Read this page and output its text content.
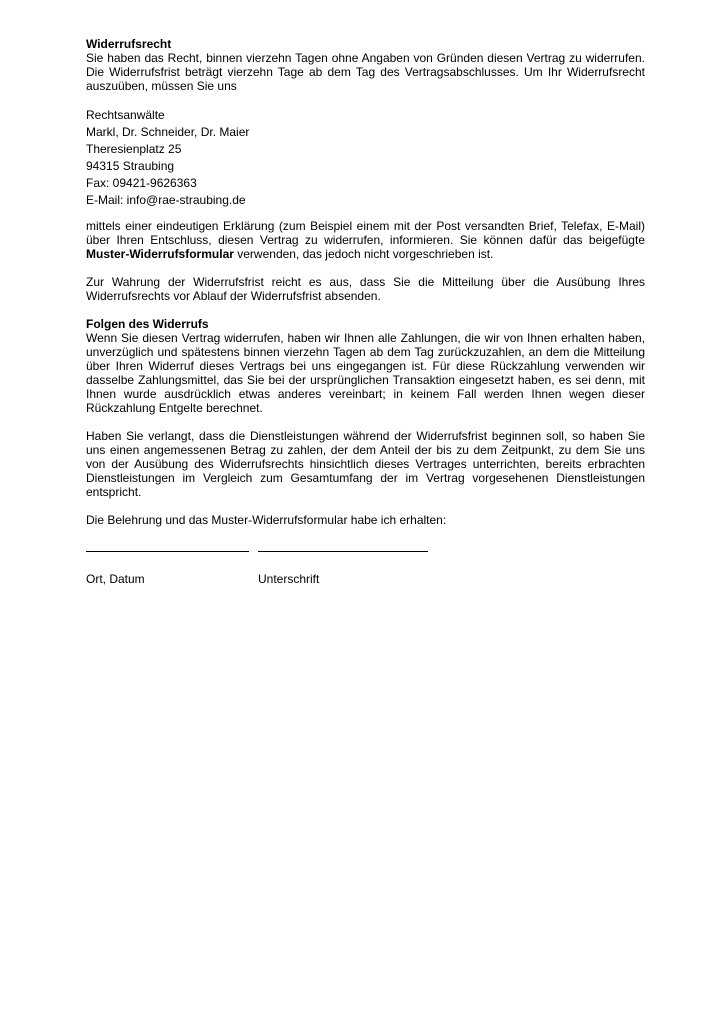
Widerrufsrecht

Sie haben das Recht, binnen vierzehn Tagen ohne Angaben von Gründen diesen Vertrag zu widerrufen. Die Widerrufsfrist beträgt vierzehn Tage ab dem Tag des Vertragsabschlusses. Um Ihr Widerrufsrecht auszuüben, müssen Sie uns

Rechtsanwälte
Markl, Dr. Schneider, Dr. Maier
Theresienplatz 25
94315 Straubing
Fax: 09421-9626363
E-Mail: info@rae-straubing.de

mittels einer eindeutigen Erklärung (zum Beispiel einem mit der Post versandten Brief, Telefax, E-Mail) über Ihren Entschluss, diesen Vertrag zu widerrufen, informieren. Sie können dafür das beigefügte Muster-Widerrufsformular verwenden, das jedoch nicht vorgeschrieben ist.

Zur Wahrung der Widerrufsfrist reicht es aus, dass Sie die Mitteilung über die Ausübung Ihres Widerrufsrechts vor Ablauf der Widerrufsfrist absenden.

Folgen des Widerrufs

Wenn Sie diesen Vertrag widerrufen, haben wir Ihnen alle Zahlungen, die wir von Ihnen erhalten haben, unverzüglich und spätestens binnen vierzehn Tagen ab dem Tag zurückzuzahlen, an dem die Mitteilung über Ihren Widerruf dieses Vertrags bei uns eingegangen ist. Für diese Rückzahlung verwenden wir dasselbe Zahlungsmittel, das Sie bei der ursprünglichen Transaktion eingesetzt haben, es sei denn, mit Ihnen wurde ausdrücklich etwas anderes vereinbart; in keinem Fall werden Ihnen wegen dieser Rückzahlung Entgelte berechnet.

Haben Sie verlangt, dass die Dienstleistungen während der Widerrufsfrist beginnen soll, so haben Sie uns einen angemessenen Betrag zu zahlen, der dem Anteil der bis zu dem Zeitpunkt, zu dem Sie uns von der Ausübung des Widerrufsrechts hinsichtlich dieses Vertrages unterrichten, bereits erbrachten Dienstleistungen im Vergleich zum Gesamtumfang der im Vertrag vorgesehenen Dienstleistungen entspricht.

Die Belehrung und das Muster-Widerrufsformular habe ich erhalten:

Ort, Datum	Unterschrift
